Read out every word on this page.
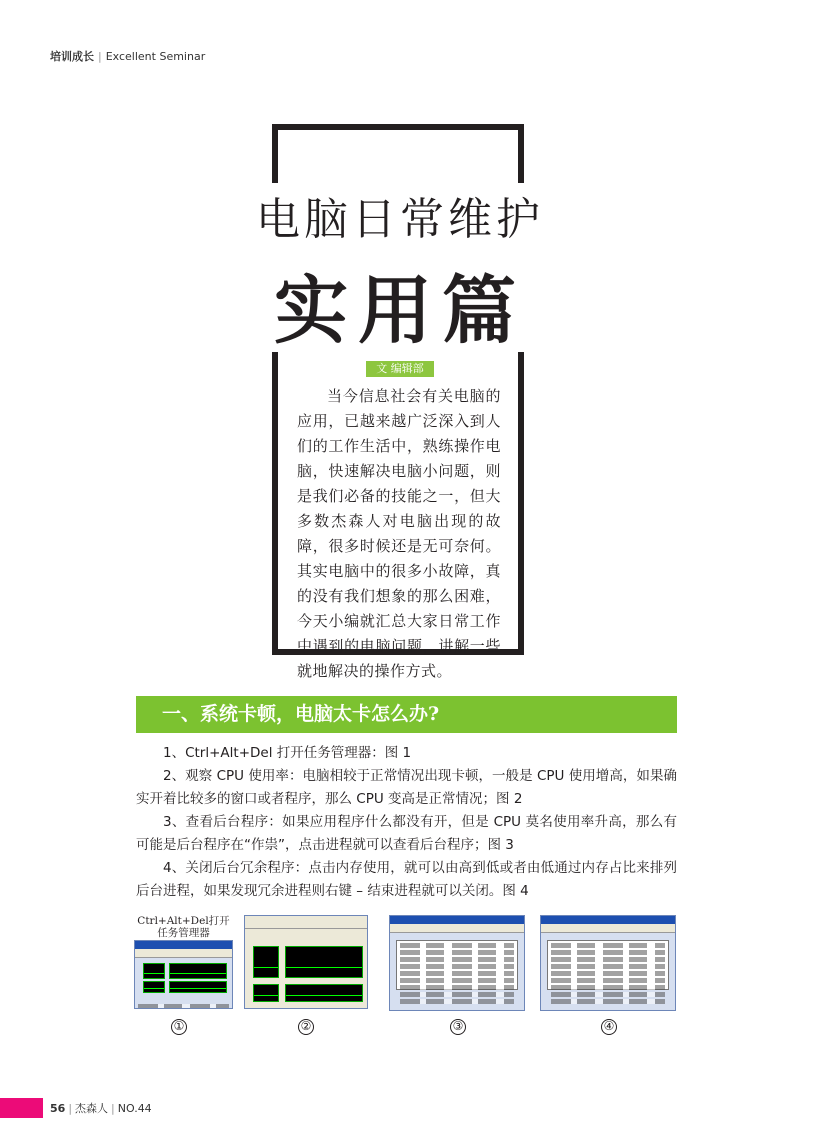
培训成长 | Excellent Seminar
电脑日常维护
实用篇
文 编辑部
当今信息社会有关电脑的应用，已越来越广泛深入到人们的工作生活中，熟练操作电脑，快速解决电脑小问题，则是我们必备的技能之一，但大多数杰森人对电脑出现的故障，很多时候还是无可奈何。其实电脑中的很多小故障，真的没有我们想象的那么困难，今天小编就汇总大家日常工作中遇到的电脑问题，讲解一些就地解决的操作方式。
一、系统卡顿，电脑太卡怎么办?

1、Ctrl+Alt+Del 打开任务管理器：图 1

2、观察 CPU 使用率：电脑相较于正常情况出现卡顿，一般是 CPU 使用增高，如果确实开着比较多的窗口或者程序，那么 CPU 变高是正常情况；图 2

3、查看后台程序：如果应用程序什么都没有开，但是 CPU 莫名使用率升高，那么有可能是后台程序在“作祟”，点击进程就可以查看后台程序；图 3

4、关闭后台冗余程序：点击内存使用，就可以由高到低或者由低通过内存占比来排列后台进程，如果发现冗余进程则右键 – 结束进程就可以关闭。图 4

Ctrl+Alt+Del打开任务管理器
①	②	③	④
56 | 杰森人 | NO.44
